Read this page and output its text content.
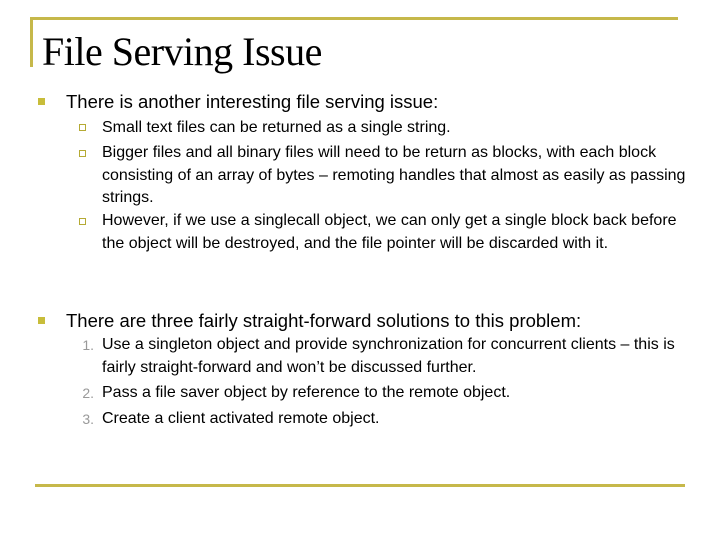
File Serving Issue
There is another interesting file serving issue:
Small text files can be returned as a single string.
Bigger files and all binary files will need to be return as blocks, with each block consisting of an array of bytes – remoting handles that almost as easily as passing strings.
However, if we use a singlecall object, we can only get a single block back before the object will be destroyed, and the file pointer will be discarded with it.
There are three fairly straight-forward solutions to this problem:
1. Use a singleton object and provide synchronization for concurrent clients – this is fairly straight-forward and won’t be discussed further.
2. Pass a file saver object by reference to the remote object.
3. Create a client activated remote object.
